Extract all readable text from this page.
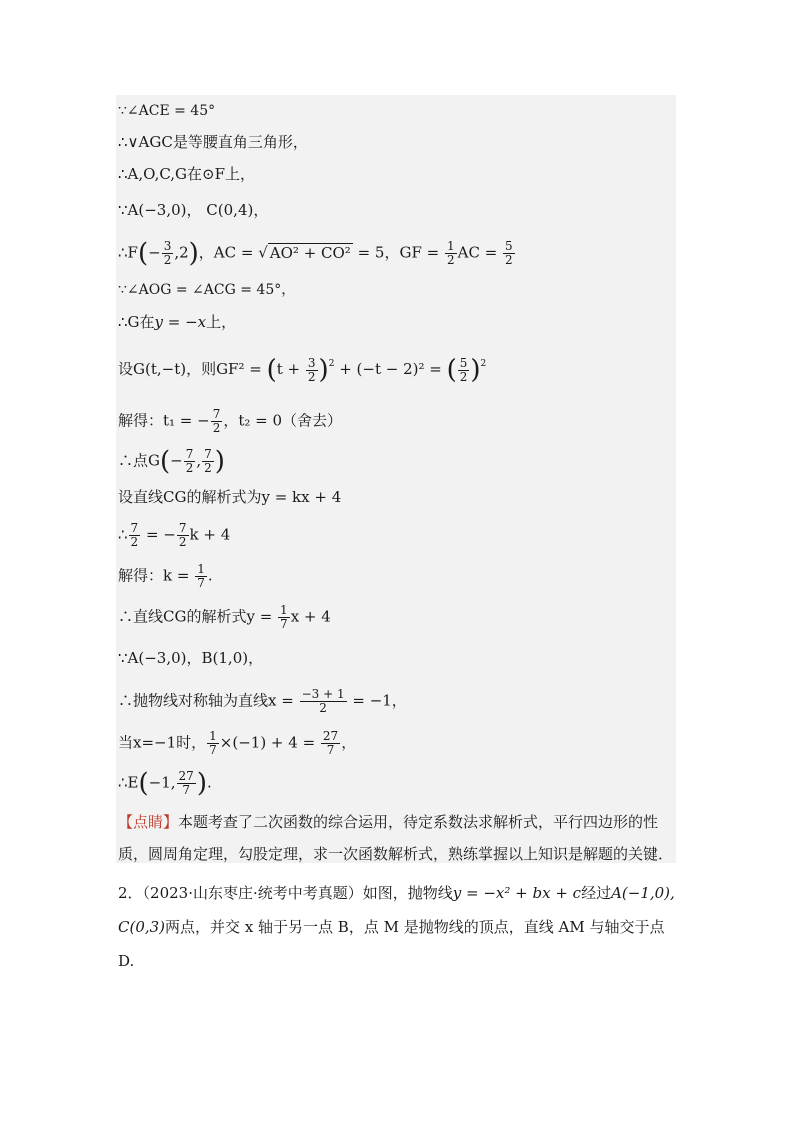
∵∠ACE = 45°
∴∨AGC是等腰直角三角形，
∴A,O,C,G在⊙F上，
∵A(−3,0)， C(0,4)，
∴F(− $\frac{3}{2} ,2$)，AC = √ AO² + CO² = 5，GF = $\frac{1}{2}$ AC = $\frac{5}{2}$
∵∠AOG = ∠ACG = 45°，
∴G在y = −x上，
设G(t,−t)，则$GF^2 = (t + \frac{3}{2} )^2 + (-t - 2)^2$ = ( $\frac{5}{2} )^2$
解得：t₁ = − $\frac{7}{2}$ ，t₂ = 0（舍去）
∴点$G(- \frac{7}{2}$ , $\frac{7}{2}$ )
设直线CG的解析式为y = kx + 4
∴ $\frac{7}{2}$ = − $\frac{7}{2}$ k + 4
解得：$k = \frac{1}{7}$ .
∴直线CG的解析式$y = \frac{1}{7}$ x + 4
∵A(−3,0)，B(1,0)，
∴抛物线对称轴为直线$x = \frac{-3 + 1}{2} = -1$，
当x=−1时， $\frac{1}{7} \times(-1) + 4 = \frac{27}{7}$ ，
∴E(−1, $\frac{27}{7}$ ).
【点睛】本题考查了二次函数的综合运用，待定系数法求解析式，平行四边形的性质，圆周角定理，勾股定理，求一次函数解析式，熟练掌握以上知识是解题的关键．
2．（2023·山东枣庄·统考中考真题）如图，抛物线y = −x² + bx + c经过A(−1,0), C(0,3)两点，并交 x 轴于另一点 B，点 M 是抛物线的顶点，直线 AM 与轴交于点 D.
